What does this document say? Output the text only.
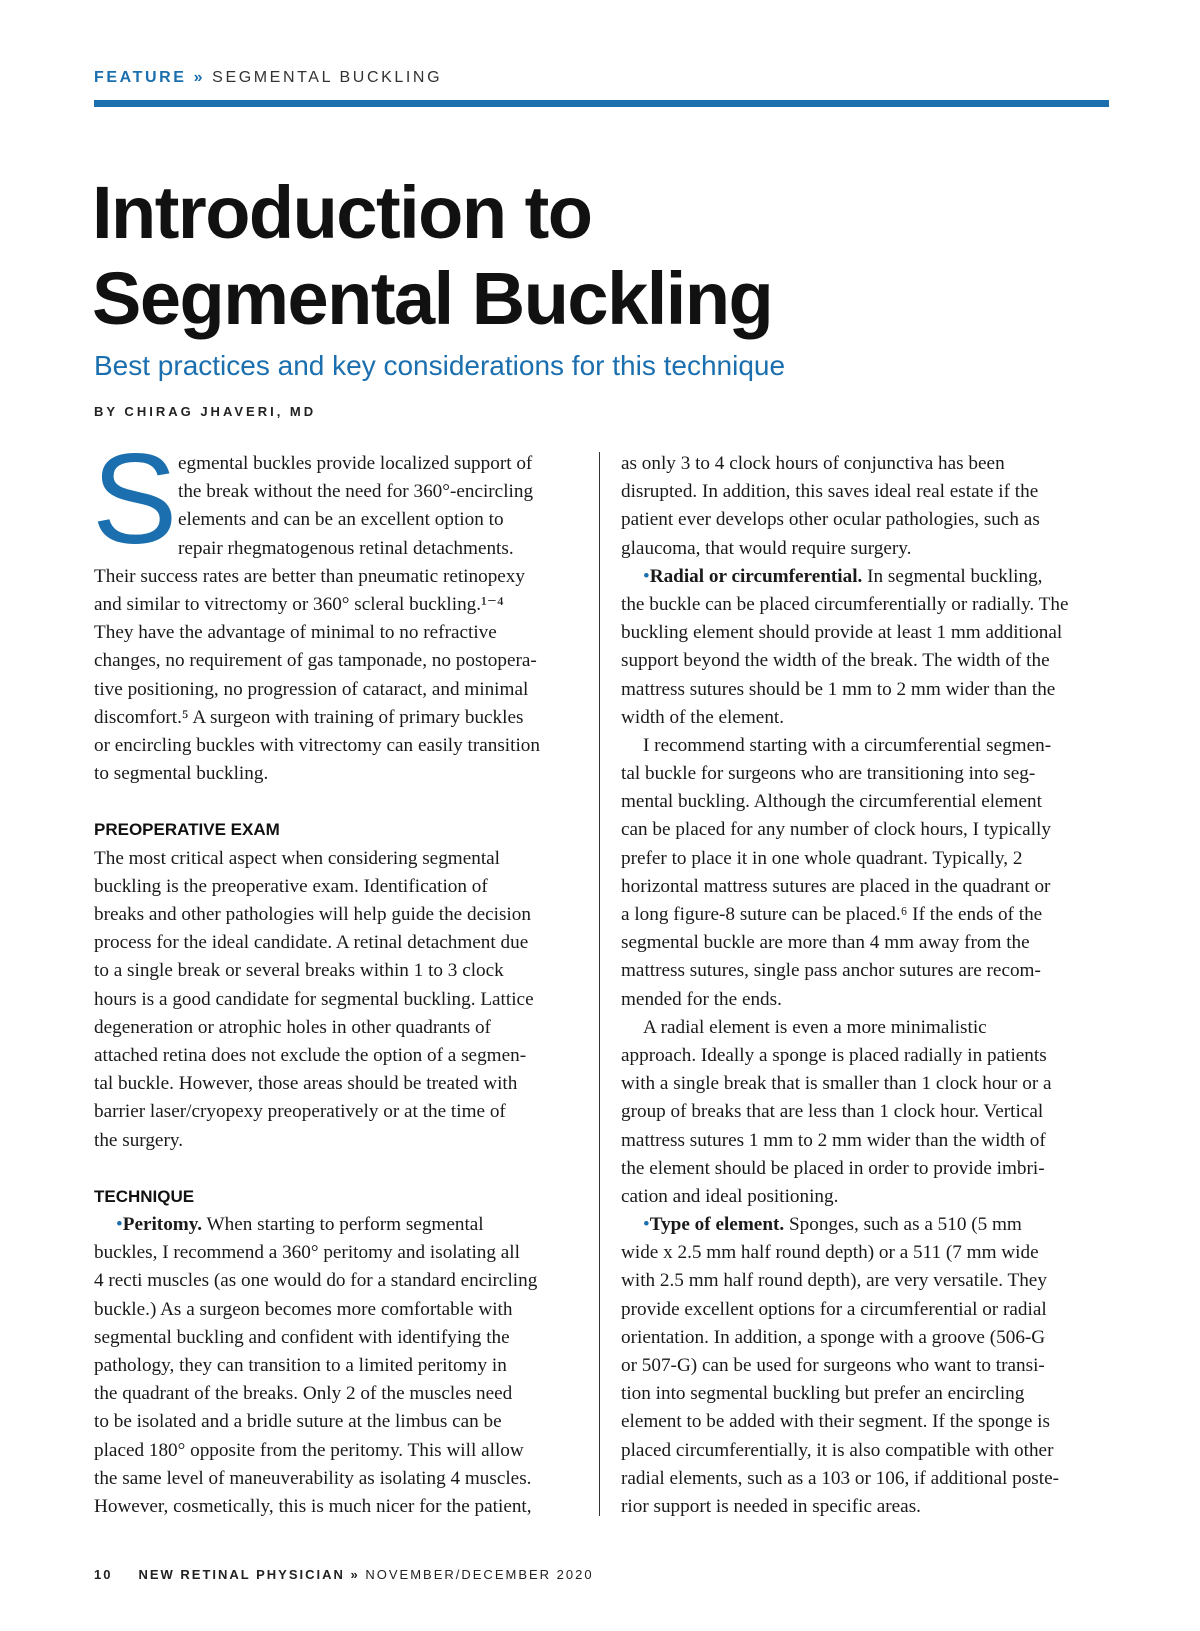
FEATURE » SEGMENTAL BUCKLING
Introduction to
Segmental Buckling
Best practices and key considerations for this technique
BY CHIRAG JHAVERI, MD
S egmental buckles provide localized support of

the break without the need for 360°-encircling

elements and can be an excellent option to

repair rhegmatogenous retinal detachments.

Their success rates are better than pneumatic retinopexy

and similar to vitrectomy or 360° scleral buckling.¹⁻⁴

They have the advantage of minimal to no refractive

changes, no requirement of gas tamponade, no postopera-

tive positioning, no progression of cataract, and minimal

discomfort.⁵ A surgeon with training of primary buckles

or encircling buckles with vitrectomy can easily transition

to segmental buckling.

PREOPERATIVE EXAM

The most critical aspect when considering segmental

buckling is the preoperative exam. Identification of

breaks and other pathologies will help guide the decision

process for the ideal candidate. A retinal detachment due

to a single break or several breaks within 1 to 3 clock

hours is a good candidate for segmental buckling. Lattice

degeneration or atrophic holes in other quadrants of

attached retina does not exclude the option of a segmen-

tal buckle. However, those areas should be treated with

barrier laser/cryopexy preoperatively or at the time of

the surgery.

TECHNIQUE

•Peritomy. When starting to perform segmental

buckles, I recommend a 360° peritomy and isolating all

4 recti muscles (as one would do for a standard encircling

buckle.) As a surgeon becomes more comfortable with

segmental buckling and confident with identifying the

pathology, they can transition to a limited peritomy in

the quadrant of the breaks. Only 2 of the muscles need

to be isolated and a bridle suture at the limbus can be

placed 180° opposite from the peritomy. This will allow

the same level of maneuverability as isolating 4 muscles.

However, cosmetically, this is much nicer for the patient,

as only 3 to 4 clock hours of conjunctiva has been

disrupted. In addition, this saves ideal real estate if the

patient ever develops other ocular pathologies, such as

glaucoma, that would require surgery.

•Radial or circumferential. In segmental buckling,

the buckle can be placed circumferentially or radially. The

buckling element should provide at least 1 mm additional

support beyond the width of the break. The width of the

mattress sutures should be 1 mm to 2 mm wider than the

width of the element.

I recommend starting with a circumferential segmen-

tal buckle for surgeons who are transitioning into seg-

mental buckling. Although the circumferential element

can be placed for any number of clock hours, I typically

prefer to place it in one whole quadrant. Typically, 2

horizontal mattress sutures are placed in the quadrant or

a long figure-8 suture can be placed.⁶ If the ends of the

segmental buckle are more than 4 mm away from the

mattress sutures, single pass anchor sutures are recom-

mended for the ends.

A radial element is even a more minimalistic

approach. Ideally a sponge is placed radially in patients

with a single break that is smaller than 1 clock hour or a

group of breaks that are less than 1 clock hour. Vertical

mattress sutures 1 mm to 2 mm wider than the width of

the element should be placed in order to provide imbri-

cation and ideal positioning.

•Type of element. Sponges, such as a 510 (5 mm

wide x 2.5 mm half round depth) or a 511 (7 mm wide

with 2.5 mm half round depth), are very versatile. They

provide excellent options for a circumferential or radial

orientation. In addition, a sponge with a groove (506-G

or 507-G) can be used for surgeons who want to transi-

tion into segmental buckling but prefer an encircling

element to be added with their segment. If the sponge is

placed circumferentially, it is also compatible with other

radial elements, such as a 103 or 106, if additional poste-

rior support is needed in specific areas.

10 NEW RETINAL PHYSICIAN » NOVEMBER/DECEMBER 2020
